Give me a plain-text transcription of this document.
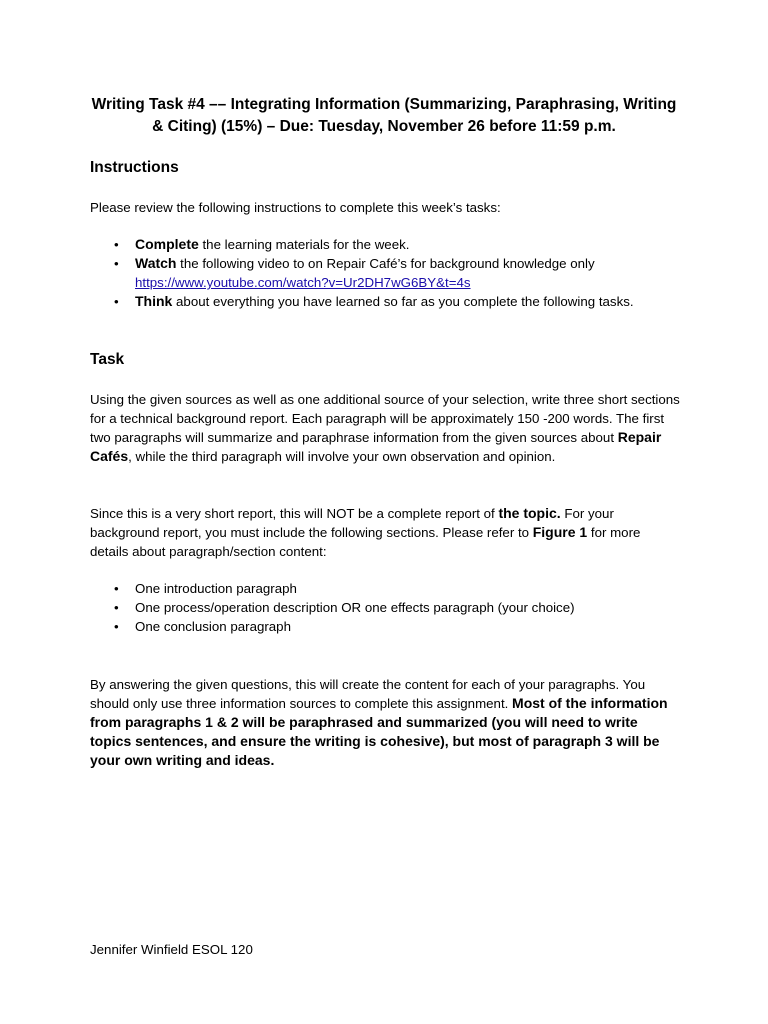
Writing Task #4 –– Integrating Information (Summarizing, Paraphrasing, Writing
& Citing) (15%) – Due: Tuesday, November 26 before 11:59 p.m.
Instructions
Please review the following instructions to complete this week’s tasks:
• Complete the learning materials for the week.
• Watch the following video to on Repair Café’s for background knowledge only
https://www.youtube.com/watch?v=Ur2DH7wG6BY&t=4s
• Think about everything you have learned so far as you complete the following tasks.
Task
Using the given sources as well as one additional source of your selection, write three short sections for a technical background report. Each paragraph will be approximately 150 -200 words. The first two paragraphs will summarize and paraphrase information from the given sources about Repair Cafés, while the third paragraph will involve your own observation and opinion.
Since this is a very short report, this will NOT be a complete report of the topic. For your background report, you must include the following sections. Please refer to Figure 1 for more details about paragraph/section content:
• One introduction paragraph
• One process/operation description OR one effects paragraph (your choice)
• One conclusion paragraph
By answering the given questions, this will create the content for each of your paragraphs. You should only use three information sources to complete this assignment. Most of the information from paragraphs 1 & 2 will be paraphrased and summarized (you will need to write topics sentences, and ensure the writing is cohesive), but most of paragraph 3 will be your own writing and ideas.
Jennifer Winfield ESOL 120
